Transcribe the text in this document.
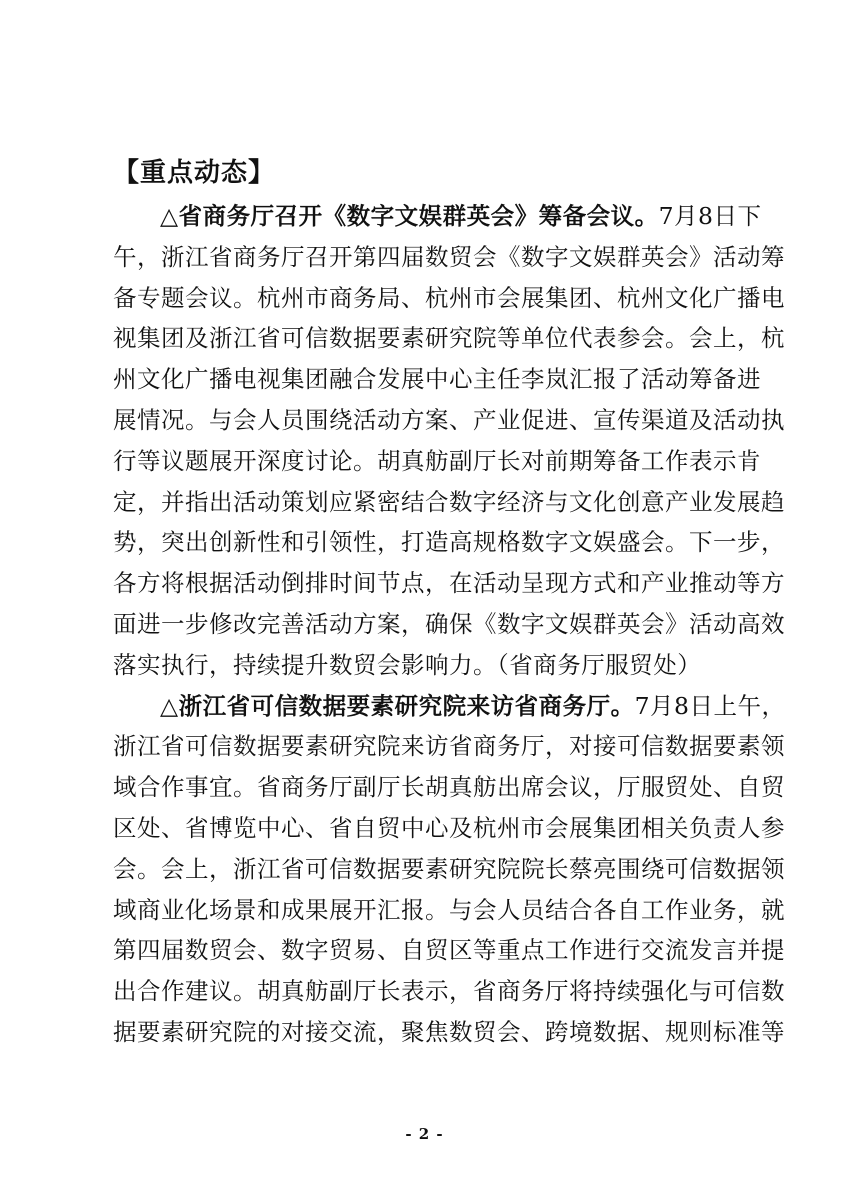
【重点动态】
△省商务厅召开《数字文娱群英会》筹备会议。7月8日下
午，浙江省商务厅召开第四届数贸会《数字文娱群英会》活动筹
备专题会议。杭州市商务局、杭州市会展集团、杭州文化广播电
视集团及浙江省可信数据要素研究院等单位代表参会。会上，杭
州文化广播电视集团融合发展中心主任李岚汇报了活动筹备进
展情况。与会人员围绕活动方案、产业促进、宣传渠道及活动执
行等议题展开深度讨论。胡真舫副厅长对前期筹备工作表示肯
定，并指出活动策划应紧密结合数字经济与文化创意产业发展趋
势，突出创新性和引领性，打造高规格数字文娱盛会。下一步，
各方将根据活动倒排时间节点，在活动呈现方式和产业推动等方
面进一步修改完善活动方案，确保《数字文娱群英会》活动高效
落实执行，持续提升数贸会影响力。（省商务厅服贸处）
△浙江省可信数据要素研究院来访省商务厅。7月8日上午，
浙江省可信数据要素研究院来访省商务厅，对接可信数据要素领
域合作事宜。省商务厅副厅长胡真舫出席会议，厅服贸处、自贸
区处、省博览中心、省自贸中心及杭州市会展集团相关负责人参
会。会上，浙江省可信数据要素研究院院长蔡亮围绕可信数据领
域商业化场景和成果展开汇报。与会人员结合各自工作业务，就
第四届数贸会、数字贸易、自贸区等重点工作进行交流发言并提
出合作建议。胡真舫副厅长表示，省商务厅将持续强化与可信数
据要素研究院的对接交流，聚焦数贸会、跨境数据、规则标准等
- 2 -
